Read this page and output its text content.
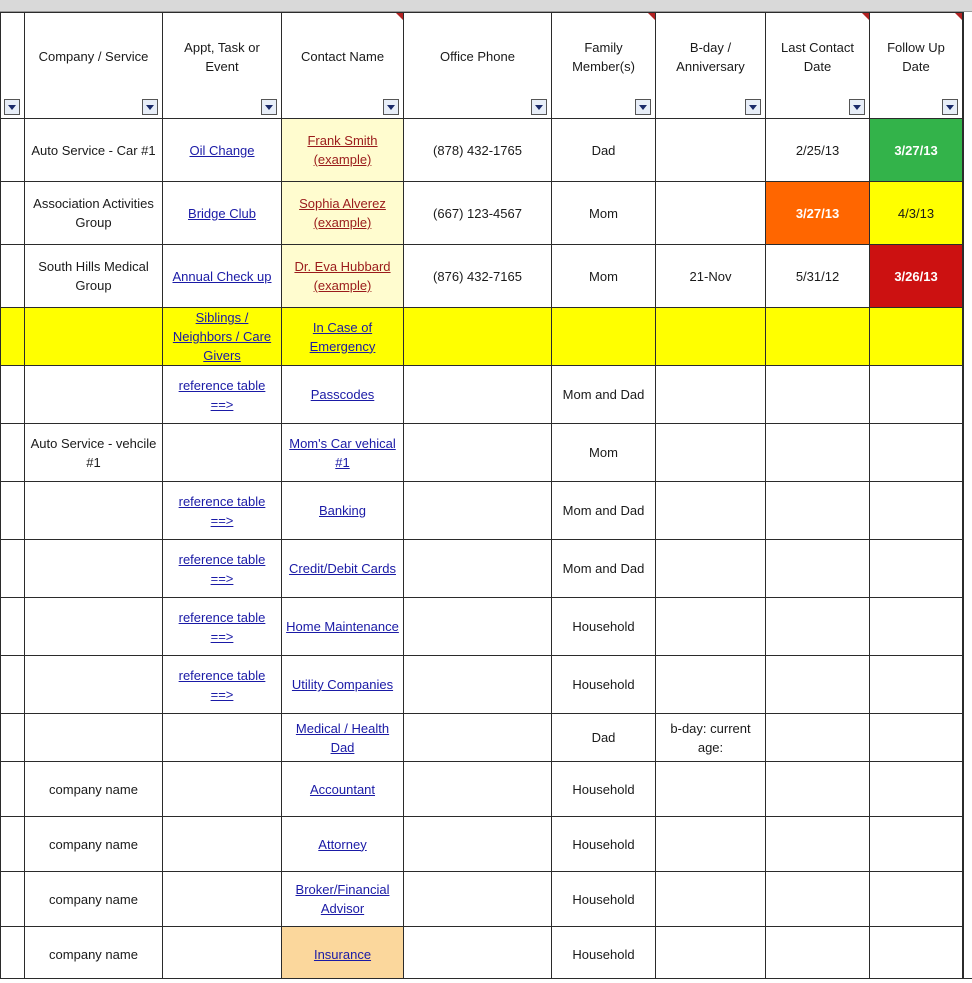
	Company / Service	Appt, Task or Event	Contact Name	Office Phone	Family Member(s)	B-day / Anniversary	Last Contact Date	Follow Up Date

	Auto Service - Car #1	Oil Change	Frank Smith (example)	(878) 432-1765	Dad		2/25/13	3/27/13
	Association Activities Group	Bridge Club	Sophia Alverez (example)	(667) 123-4567	Mom		3/27/13	4/3/13
	South Hills Medical Group	Annual Check up	Dr. Eva Hubbard (example)	(876) 432-7165	Mom	21-Nov	5/31/12	3/26/13
		Siblings / Neighbors / Care Givers	In Case of Emergency					
		reference table ==>	Passcodes		Mom and Dad			
	Auto Service - vehcile #1		Mom's Car vehical #1		Mom			
		reference table ==>	Banking		Mom and Dad			
		reference table ==>	Credit/Debit Cards		Mom and Dad			
		reference table ==>	Home Maintenance		Household			
		reference table ==>	Utility Companies		Household			
			Medical / Health Dad		Dad	b-day: current age:		
	company name		Accountant		Household			
	company name		Attorney		Household			
	company name		Broker/Financial Advisor		Household			
	company name		Insurance		Household			
